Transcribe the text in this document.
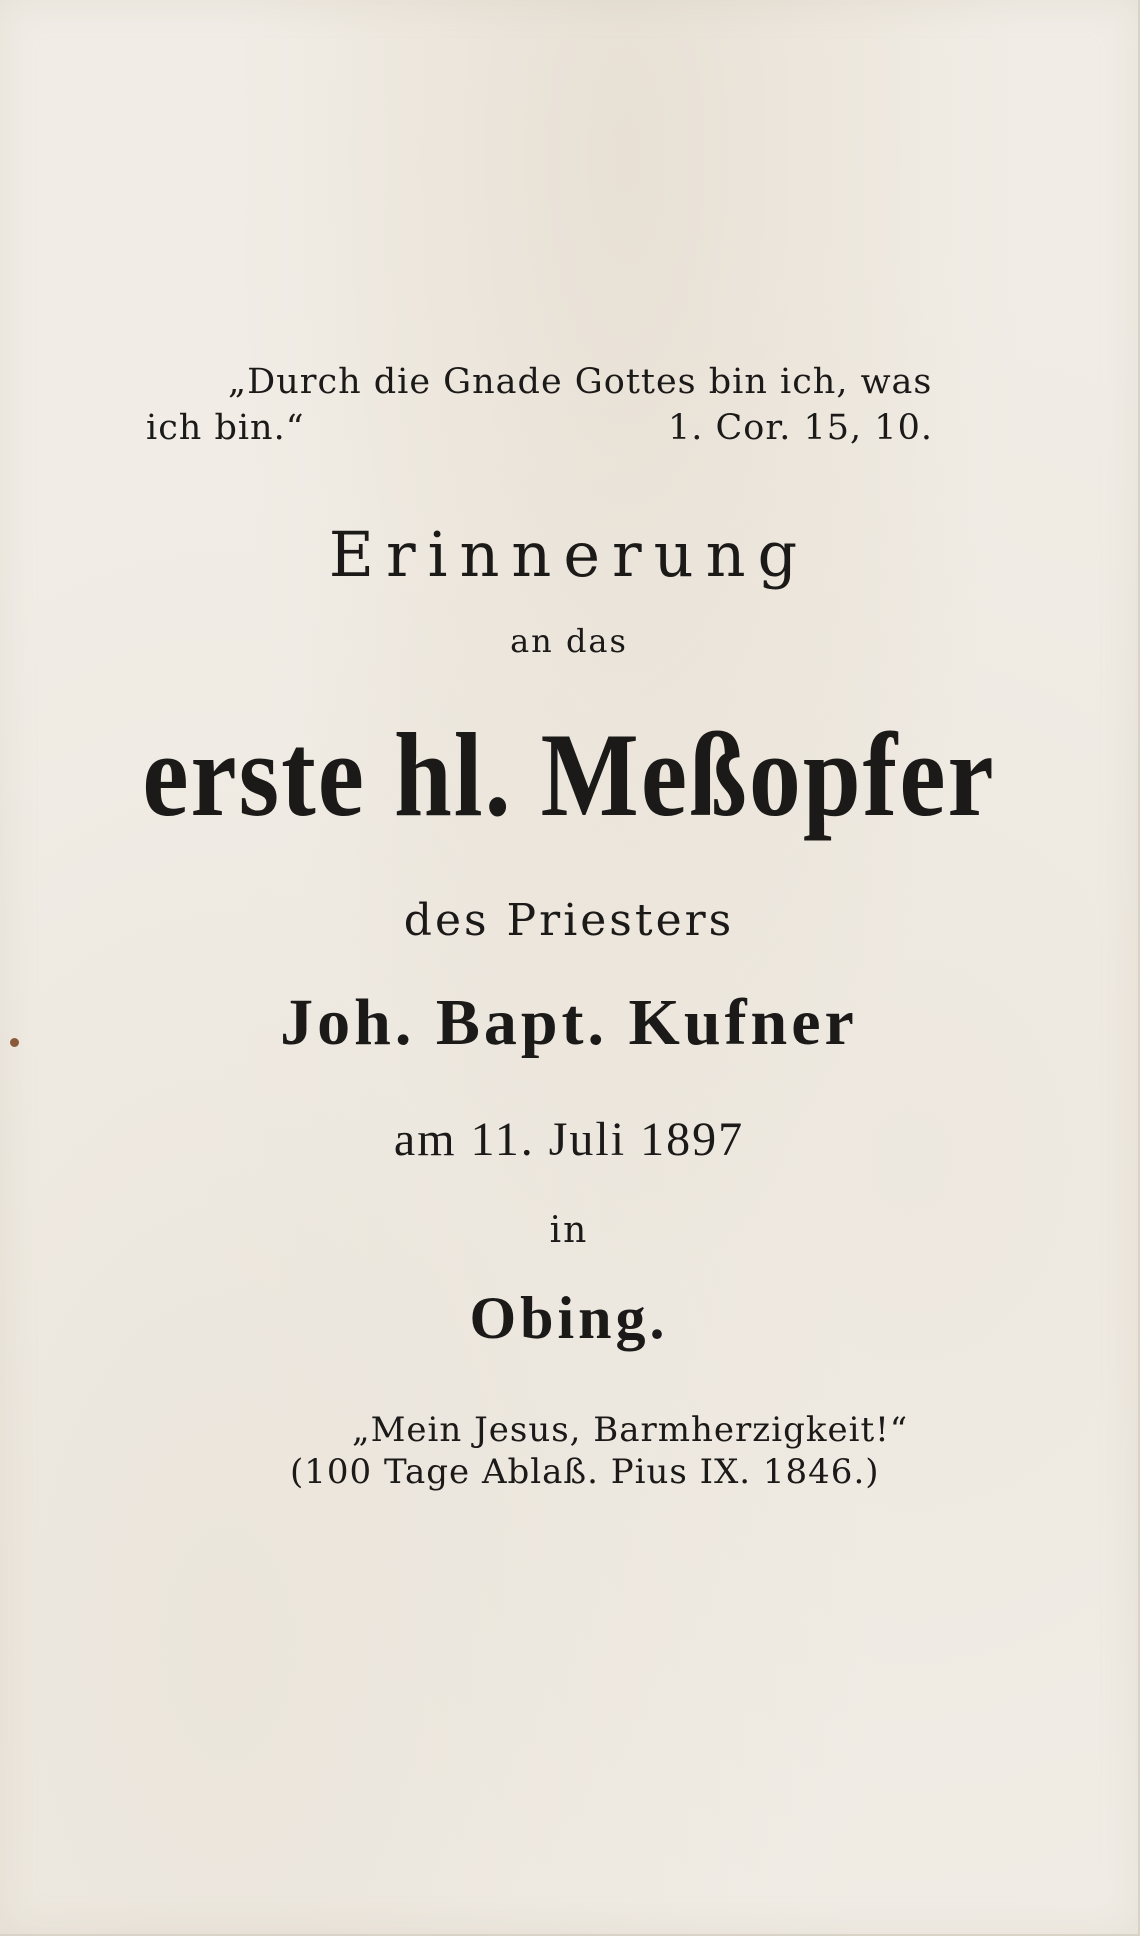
„Durch die Gnade Gottes bin ich, was
ich bin.“	1. Cor. 15, 10.
Erinnerung
an das
erste hl. Meßopfer
des Priesters
Joh. Bapt. Kufner
am 11. Juli 1897
in
Obing.
„Mein Jesus, Barmherzigkeit!“
(100 Tage Ablaß. Pius IX. 1846.)
